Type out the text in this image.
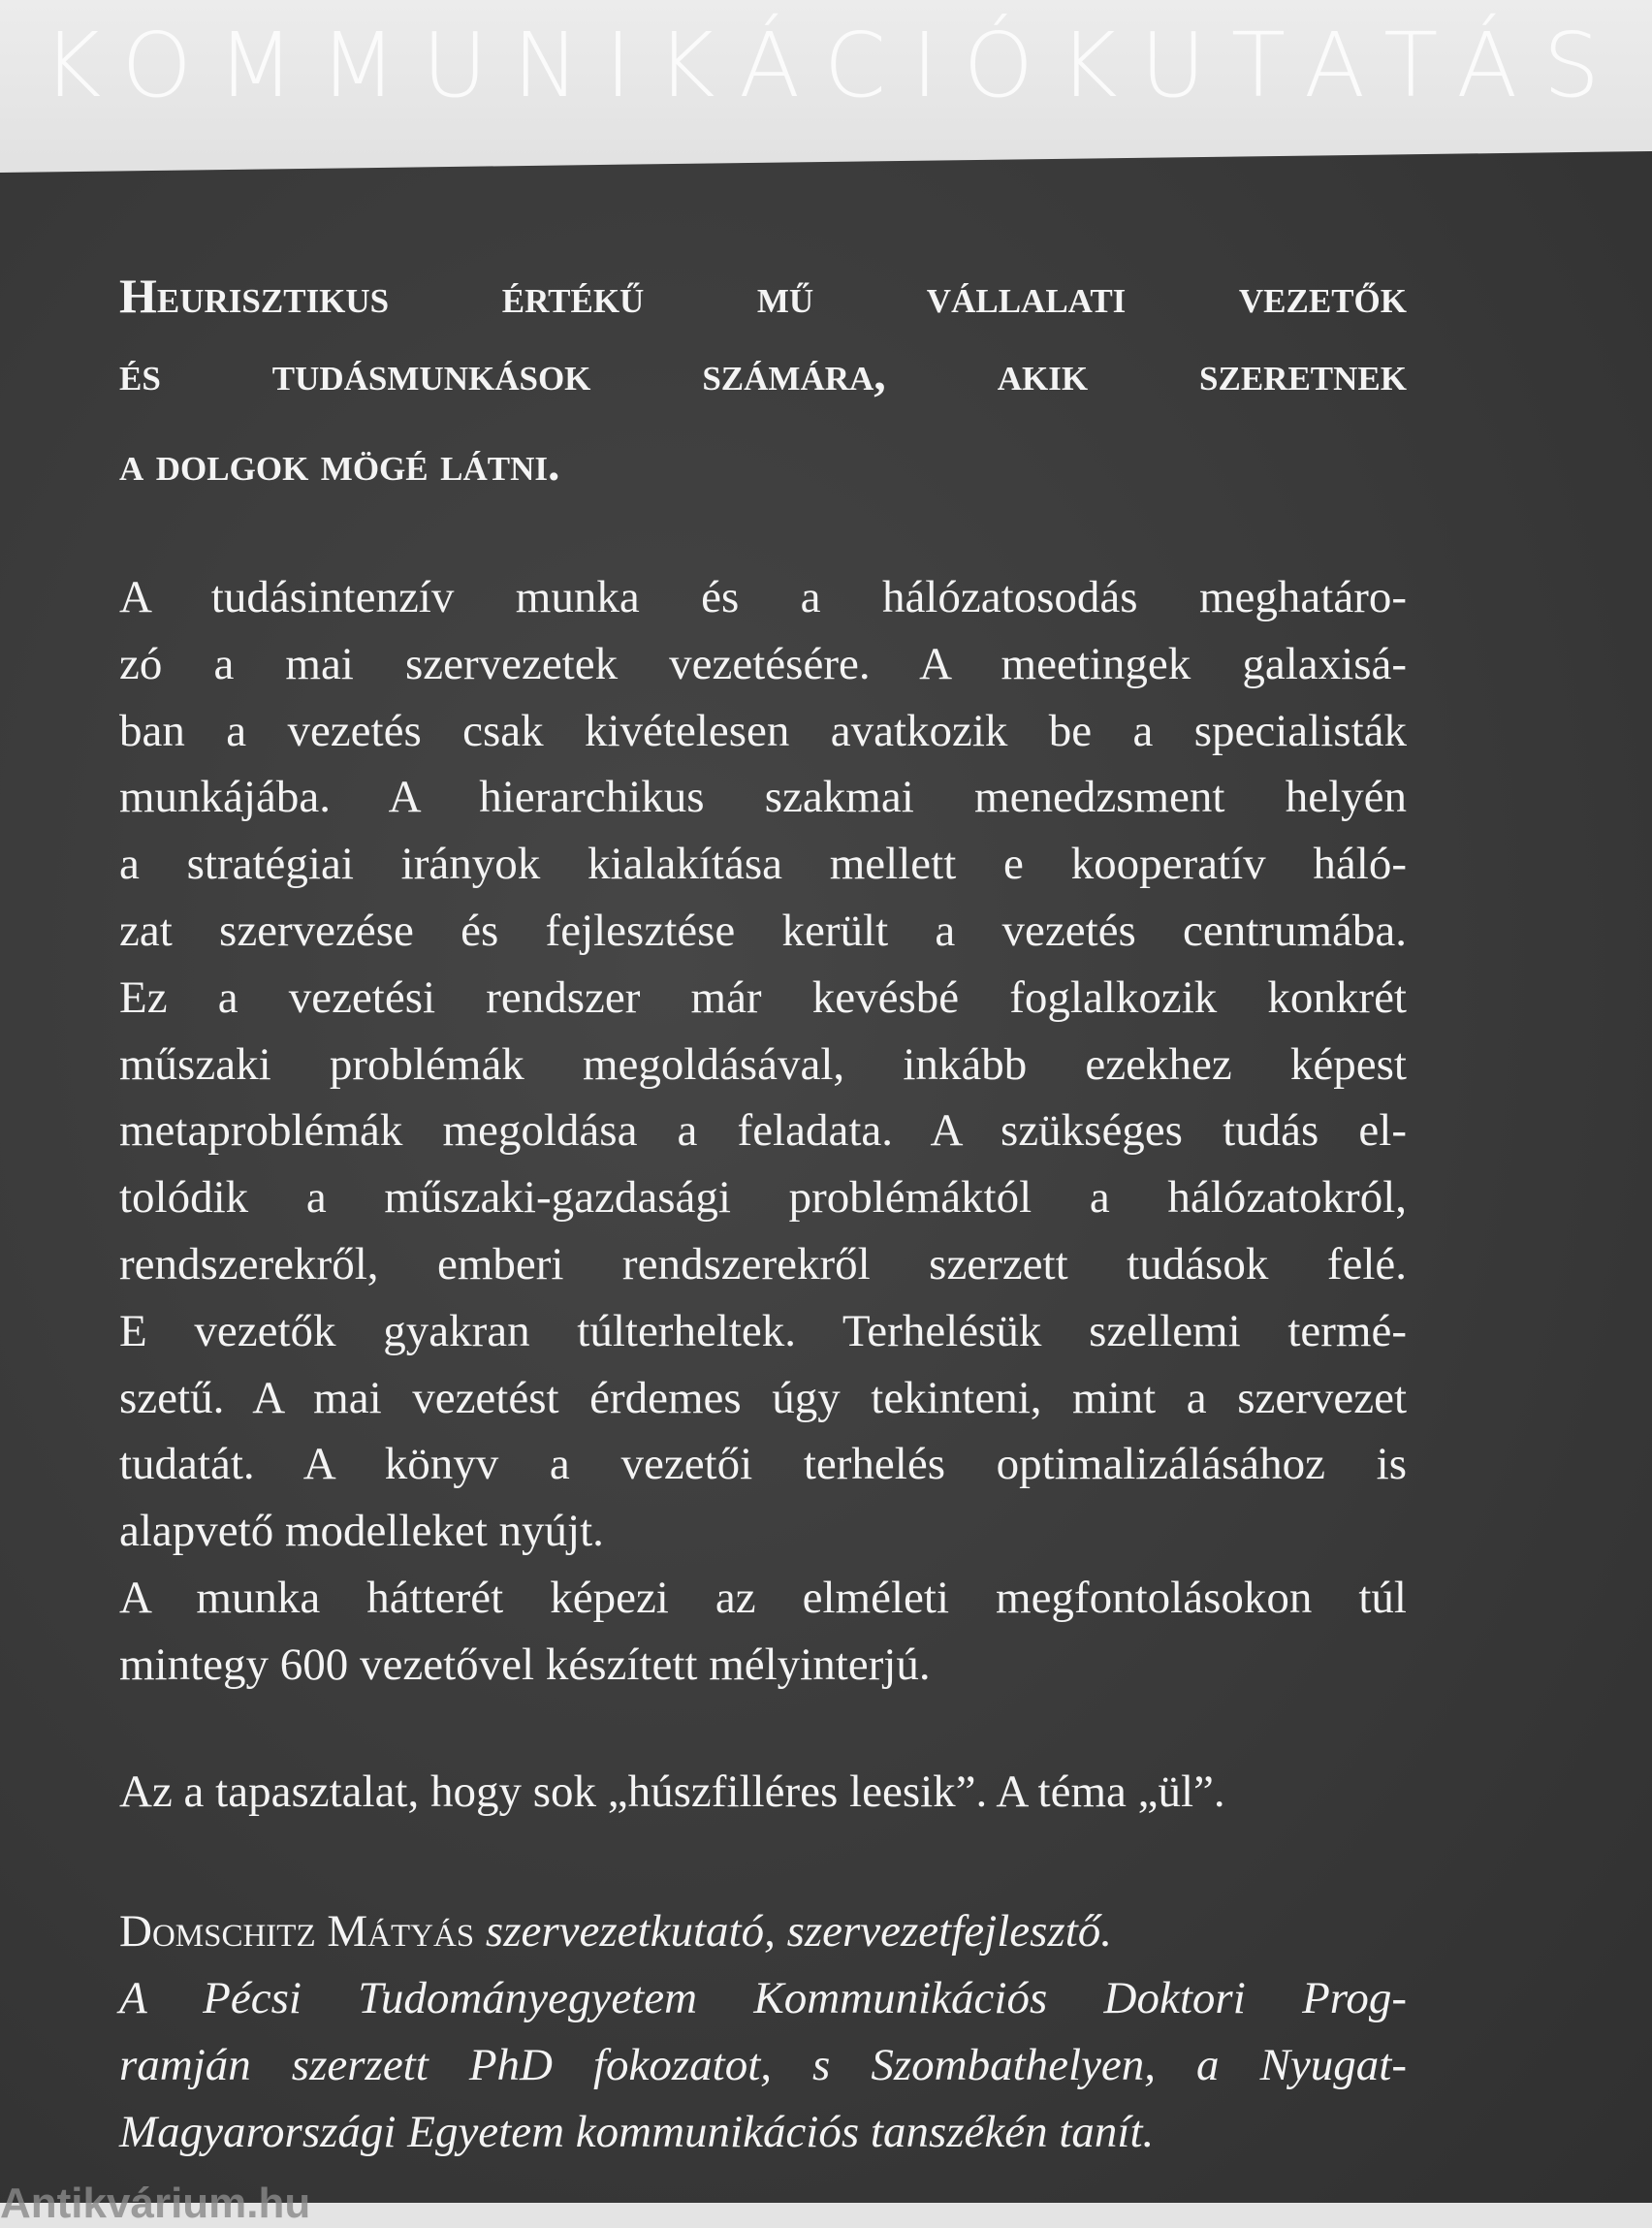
KOMMUNIKÁCIÓKUTATÁS
Heurisztikus értékű mű vállalati vezetők
és tudásmunkások számára, akik szeretnek
a dolgok mögé látni.
A tudásintenzív munka és a hálózatosodás meghatáro-
zó a mai szervezetek vezetésére. A meetingek galaxisá-
ban a vezetés csak kivételesen avatkozik be a specialisták
munkájába. A hierarchikus szakmai menedzsment helyén
a stratégiai irányok kialakítása mellett e kooperatív háló-
zat szervezése és fejlesztése került a vezetés centrumába.
Ez a vezetési rendszer már kevésbé foglalkozik konkrét
műszaki problémák megoldásával, inkább ezekhez képest
metaproblémák megoldása a feladata. A szükséges tudás el-
tolódik a műszaki-gazdasági problémáktól a hálózatokról,
rendszerekről, emberi rendszerekről szerzett tudások felé.
E vezetők gyakran túlterheltek. Terhelésük szellemi termé-
szetű. A mai vezetést érdemes úgy tekinteni, mint a szervezet
tudatát. A könyv a vezetői terhelés optimalizálásához is
alapvető modelleket nyújt.
A munka hátterét képezi az elméleti megfontolásokon túl
mintegy 600 vezetővel készített mélyinterjú.
Az a tapasztalat, hogy sok „húszfilléres leesik”. A téma „ül”.
Domschitz Mátyás szervezetkutató, szervezetfejlesztő.
A Pécsi Tudományegyetem Kommunikációs Doktori Prog-
ramján szerzett PhD fokozatot, s Szombathelyen, a Nyugat-
Magyarországi Egyetem kommunikációs tanszékén tanít.
Antikvárium.hu
